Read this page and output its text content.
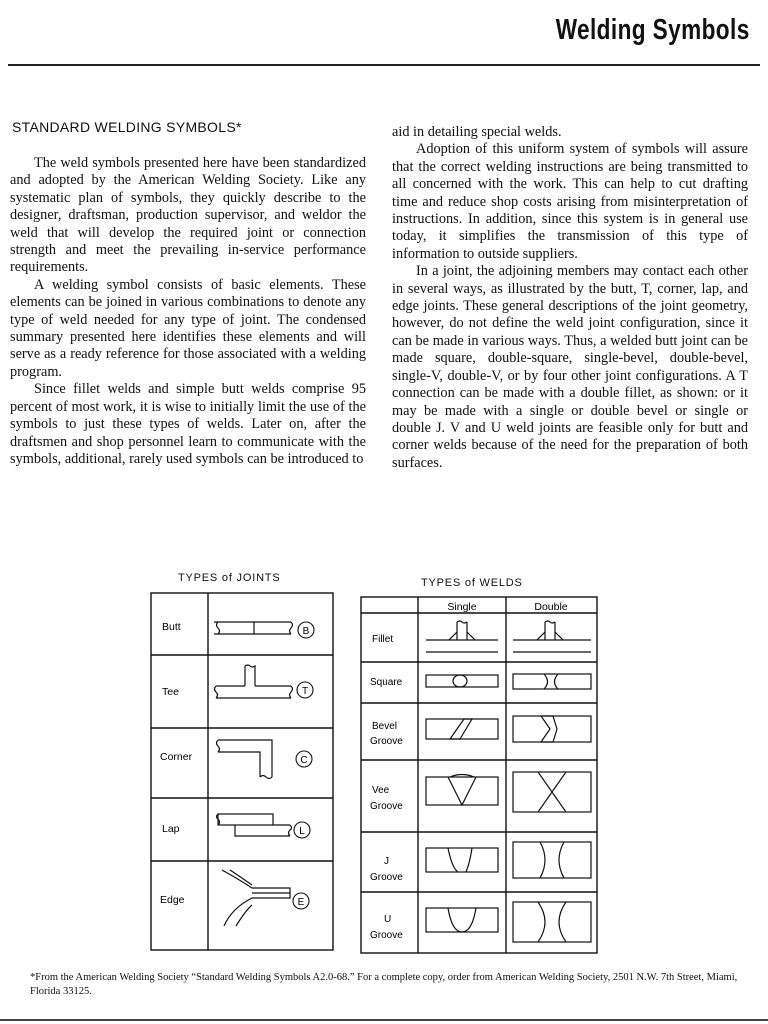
Welding Symbols
STANDARD WELDING SYMBOLS*

The weld symbols presented here have been standardized and adopted by the American Welding Society. Like any systematic plan of symbols, they quickly describe to the designer, draftsman, production supervisor, and weldor the weld that will develop the required joint or connection strength and meet the prevailing in-service performance requirements.

A welding symbol consists of basic elements. These elements can be joined in various combinations to denote any type of weld needed for any type of joint. The condensed summary presented here identifies these elements and will serve as a ready reference for those associated with a welding program.

Since fillet welds and simple butt welds comprise 95 percent of most work, it is wise to initially limit the use of the symbols to just these types of welds. Later on, after the draftsmen and shop personnel learn to communicate with the symbols, additional, rarely used symbols can be introduced to

aid in detailing special welds.

Adoption of this uniform system of symbols will assure that the correct welding instructions are being transmitted to all concerned with the work. This can help to cut drafting time and reduce shop costs arising from misinterpretation of instructions. In addition, since this system is in general use today, it simplifies the transmission of this type of information to outside suppliers.

In a joint, the adjoining members may contact each other in several ways, as illustrated by the butt, T, corner, lap, and edge joints. These general descriptions of the joint geometry, however, do not define the weld joint configuration, since it can be made in various ways. Thus, a welded butt joint can be made square, double-square, single-bevel, double-bevel, single-V, double-V, or by four other joint configurations. A T connection can be made with a double fillet, as shown: or it may be made with a single or double bevel or single or double J. V and U weld joints are feasible only for butt and corner welds because of the need for the preparation of both surfaces.

TYPES of JOINTS	TYPES of WELDS
Butt
Tee
Corner
Lap
Edge
B
T
C
L
E
Single	Double
Fillet
Square
Bevel
Groove
Vee
Groove
J
Groove
U
Groove
*From the American Welding Society “Standard Welding Symbols A2.0-68.” For a complete copy, order from American Welding Society, 2501 N.W. 7th Street, Miami, Florida 33125.
